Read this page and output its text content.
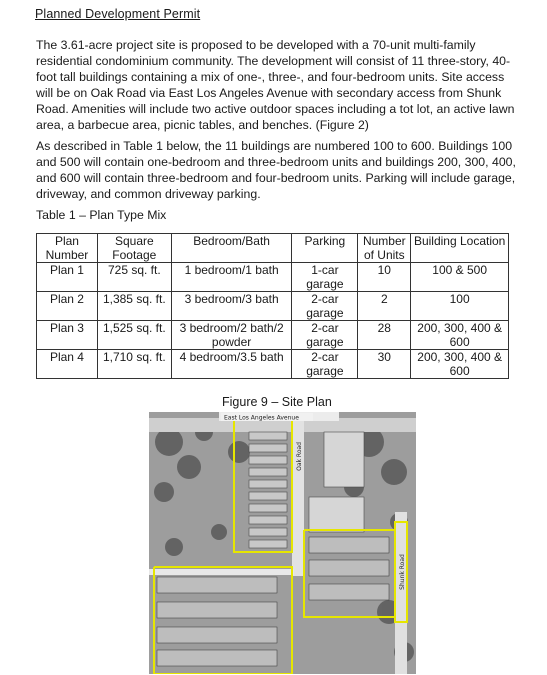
Planned Development Permit

The 3.61-acre project site is proposed to be developed with a 70-unit multi-family residential condominium community. The development will consist of 11 three-story, 40-foot tall buildings containing a mix of one-, three-, and four-bedroom units. Site access will be on Oak Road via East Los Angeles Avenue with secondary access from Shunk Road. Amenities will include two active outdoor spaces including a tot lot, an active lawn area, a barbecue area, picnic tables, and benches. (Figure 2)

As described in Table 1 below, the 11 buildings are numbered 100 to 600. Buildings 100 and 500 will contain one-bedroom and three-bedroom units and buildings 200, 300, 400, and 600 will contain three-bedroom and four-bedroom units. Parking will include garage, driveway, and common driveway parking.

Table 1 – Plan Type Mix
Plan Number	Square Footage	Bedroom/Bath	Parking	Number of Units	Building Location
Plan 1	725 sq. ft.	1 bedroom/1 bath	1-car garage	10	100 & 500
Plan 2	1,385 sq. ft.	3 bedroom/3 bath	2-car garage	2	100
Plan 3	1,525 sq. ft.	3 bedroom/2 bath/2 powder	2-car garage	28	200, 300, 400 & 600
Plan 4	1,710 sq. ft.	4 bedroom/3.5 bath	2-car garage	30	200, 300, 400 & 600
Figure 9 – Site Plan
East Los Angeles Avenue
Oak Road
Shunk Road
